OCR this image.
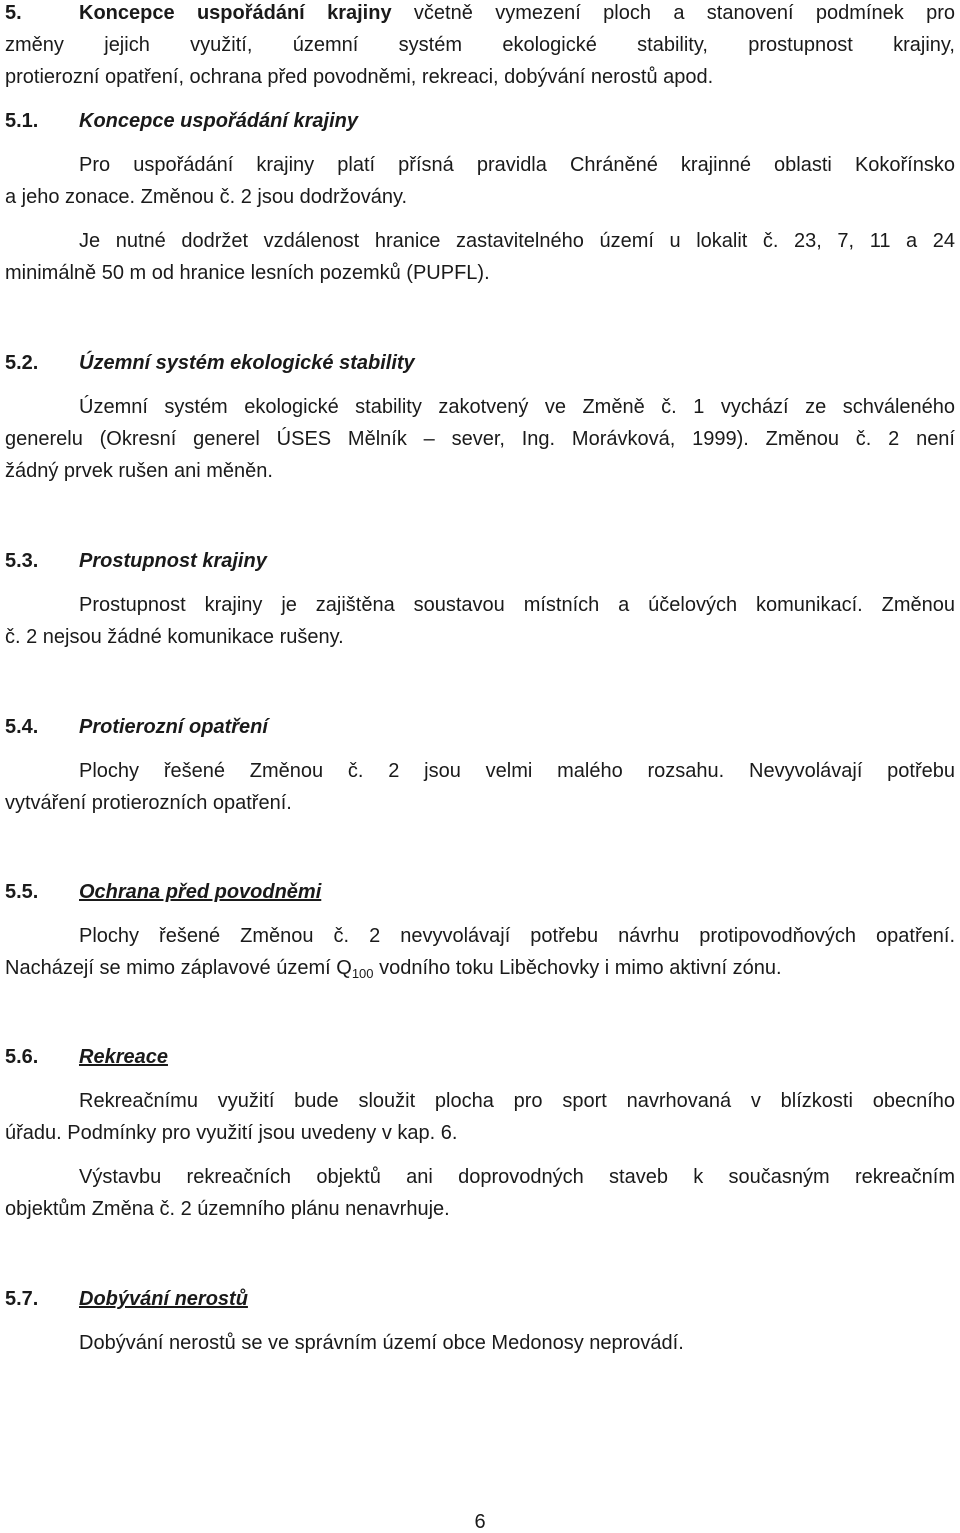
5.	Koncepce uspořádání krajiny včetně vymezení ploch a stanovení podmínek pro
změny jejich využití, územní systém ekologické stability, prostupnost krajiny,
protierozní opatření, ochrana před povodněmi, rekreaci, dobývání nerostů apod.
5.1. Koncepce uspořádání krajiny
Pro uspořádání krajiny platí přísná pravidla Chráněné krajinné oblasti Kokořínsko
a jeho zonace. Změnou č. 2 jsou dodržovány.
Je nutné dodržet vzdálenost hranice zastavitelného území u lokalit č. 23, 7, 11 a 24
minimálně 50 m od hranice lesních pozemků (PUPFL).
5.2. Územní systém ekologické stability
Územní systém ekologické stability zakotvený ve Změně č. 1 vychází ze schváleného
generelu (Okresní generel ÚSES Mělník – sever, Ing. Morávková, 1999). Změnou č. 2 není
žádný prvek rušen ani měněn.
5.3. Prostupnost krajiny
Prostupnost krajiny je zajištěna soustavou místních a účelových komunikací. Změnou
č. 2 nejsou žádné komunikace rušeny.
5.4. Protierozní opatření
Plochy řešené Změnou č. 2 jsou velmi malého rozsahu. Nevyvolávají potřebu
vytváření protierozních opatření.
5.5. Ochrana před povodněmi
Plochy řešené Změnou č. 2 nevyvolávají potřebu návrhu protipovodňových opatření.
Nacházejí se mimo záplavové území $Q_{100}$ vodního toku Liběchovky i mimo aktivní zónu.
5.6. Rekreace
Rekreačnímu využití bude sloužit plocha pro sport navrhovaná v blízkosti obecního
úřadu. Podmínky pro využití jsou uvedeny v kap. 6.
Výstavbu rekreačních objektů ani doprovodných staveb k současným rekreačním
objektům Změna č. 2 územního plánu nenavrhuje.
5.7. Dobývání nerostů
Dobývání nerostů se ve správním území obce Medonosy neprovádí.
6
